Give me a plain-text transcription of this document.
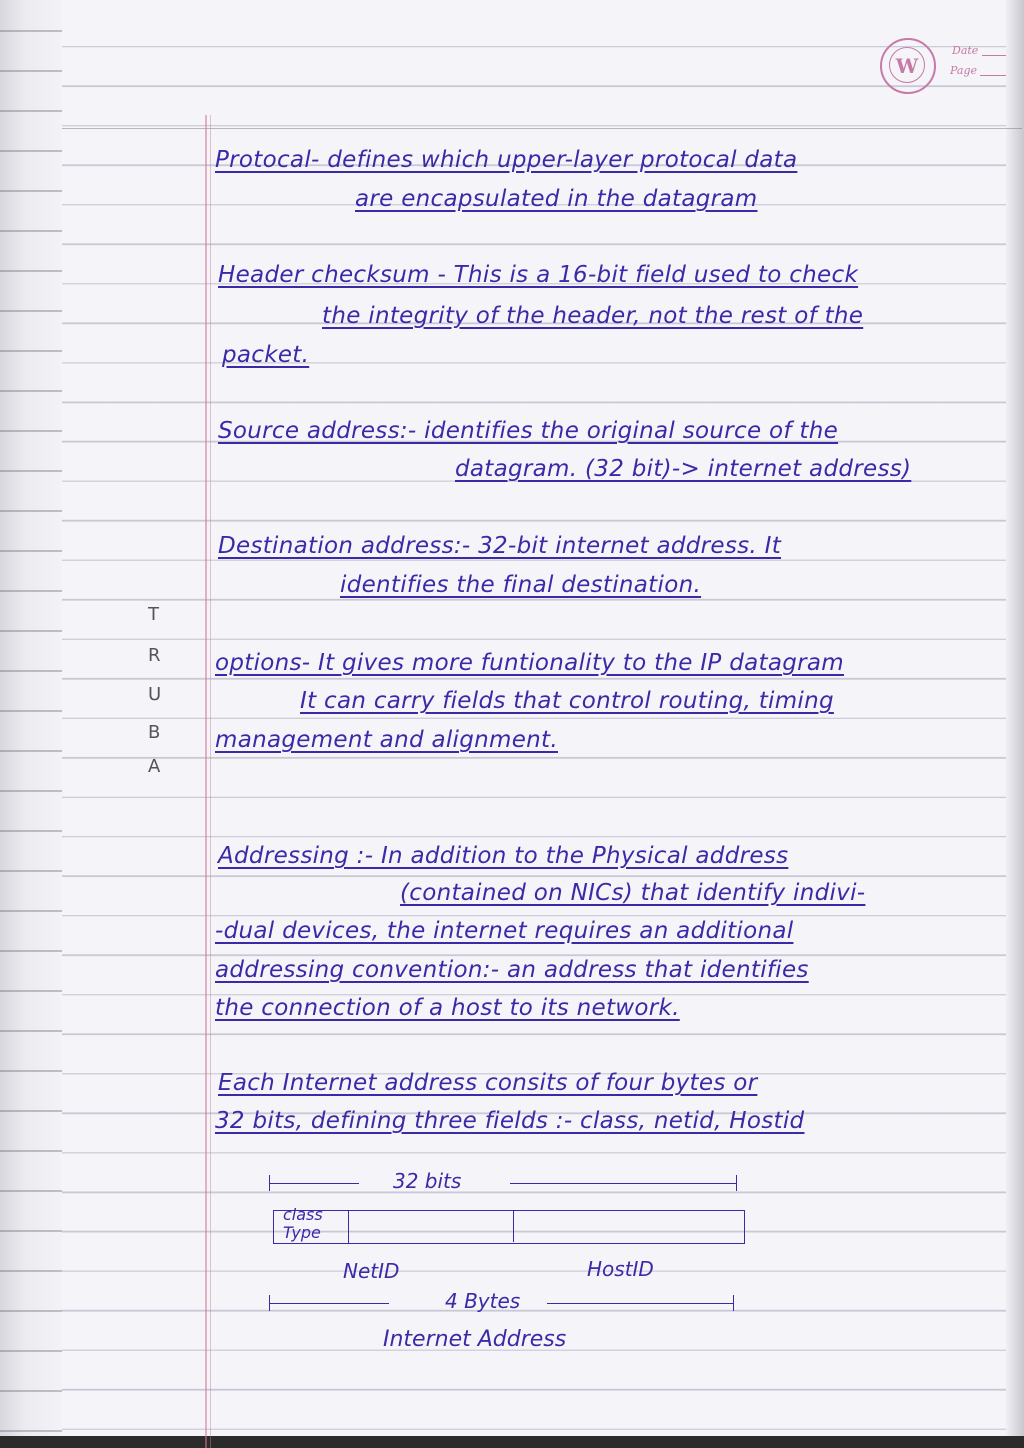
W
Date
Page
Protocal- defines which upper-layer protocal data
are encapsulated in the datagram
Header checksum - This is a 16-bit field used to check
the integrity of the header, not the rest of the
packet.
Source address:- identifies the original source of the
datagram. (32 bit)-> internet address)
Destination address:- 32-bit internet address. It
identifies the final destination.
options- It gives more funtionality to the IP datagram
It can carry fields that control routing, timing
management and alignment.
Addressing :- In addition to the Physical address
(contained on NICs) that identify indivi-
-dual devices, the internet requires an additional
addressing convention:- an address that identifies
the connection of a host to its network.
Each Internet address consits of four bytes or
32 bits, defining three fields :- class, netid, Hostid
T
R
U
B
A
32 bits
class
Type
NetID	HostID
4 Bytes
Internet Address
